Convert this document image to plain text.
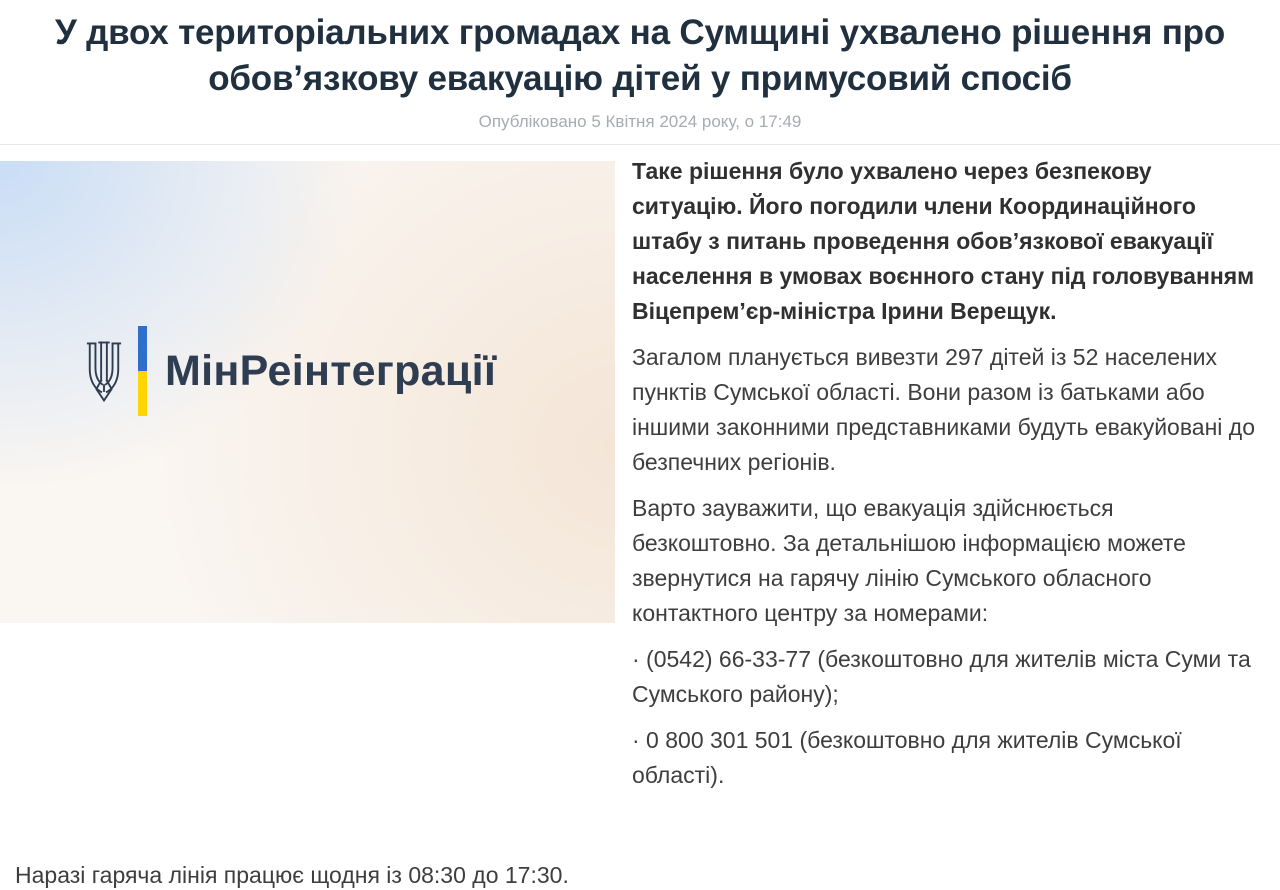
У двох територіальних громадах на Сумщині ухвалено рішення про обов’язкову евакуацію дітей у примусовий спосіб
Опубліковано 5 Квітня 2024 року, о 17:49
МінРеінтеграції

Таке рішення було ухвалено через безпекову ситуацію. Його погодили члени Координаційного штабу з питань проведення обов’язкової евакуації населення в умовах воєнного стану під головуванням Віцепрем’єр-міністра Ірини Верещук.

Загалом планується вивезти 297 дітей із 52 населених пунктів Сумської області. Вони разом із батьками або іншими законними представниками будуть евакуйовані до безпечних регіонів.

Варто зауважити, що евакуація здійснюється безкоштовно. За детальнішою інформацією можете звернутися на гарячу лінію Сумського обласного контактного центру за номерами:

· (0542) 66-33-77 (безкоштовно для жителів міста Суми та Сумського району);

· 0 800 301 501 (безкоштовно для жителів Сумської області).

Наразі гаряча лінія працює щодня із 08:30 до 17:30.
